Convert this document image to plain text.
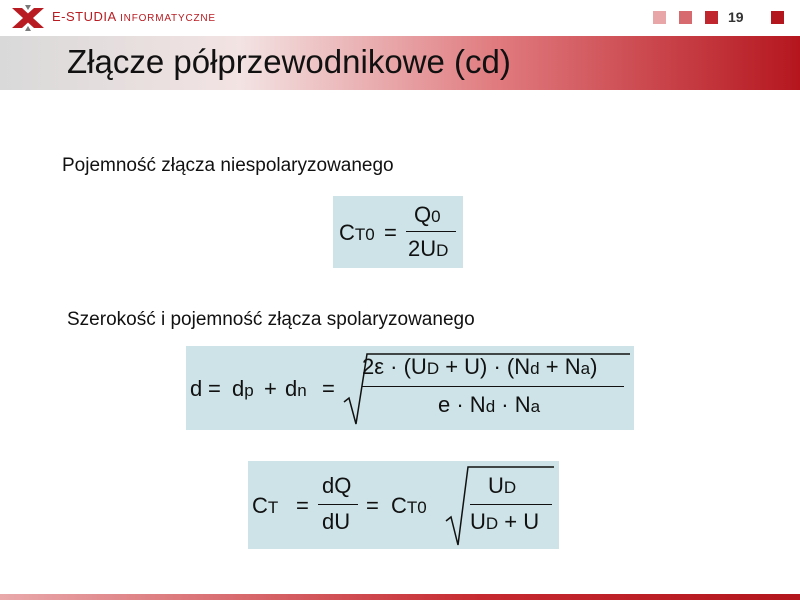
E-STUDIA INFORMATYCZNE	19
Złącze półprzewodnikowe (cd)
Pojemność złącza niespolaryzowanego
CT0 =
Q0
2UD
Szerokość i pojemność złącza spolaryzowanego
d = dp + dn =
2ε · (UD + U) · (Nd + Na)
e · Nd · Na
CT =
dQ
dU
= CT0
UD
UD + U
